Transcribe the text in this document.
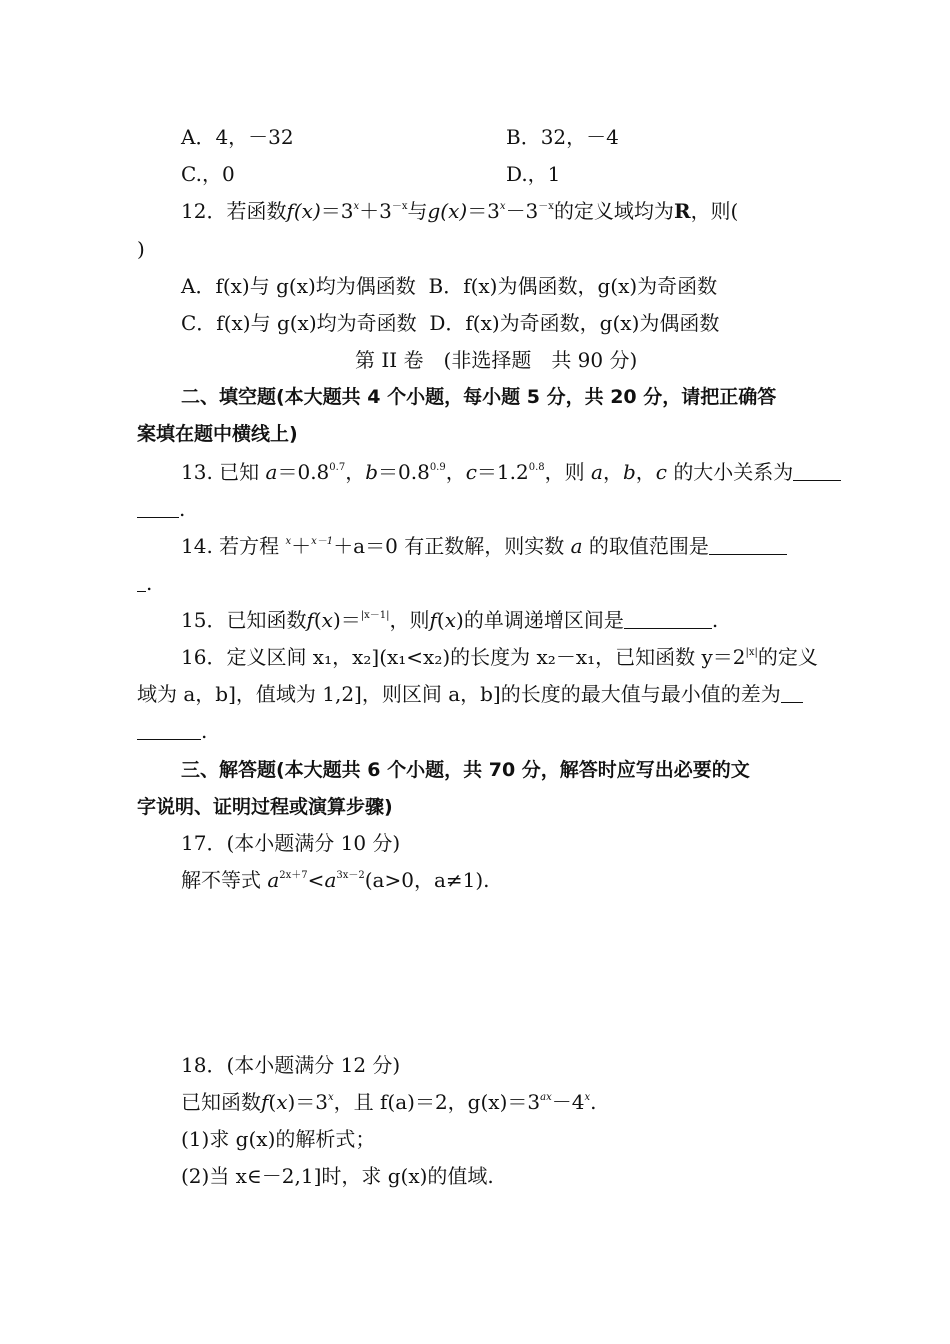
A．4，－32	B．32，－4
C.，0	D.，1
12．若函数$f(x)=3^x+3^{-x}$与$g(x)=3^x-3^{-x}$的定义域均为R，则(
)
A．f(x)与 g(x)均为偶函数 B．f(x)为偶函数，g(x)为奇函数
C．f(x)与 g(x)均为奇函数 D．f(x)为奇函数，g(x)为偶函数
第 II 卷　(非选择题　共 90 分)
二、填空题(本大题共 4 个小题，每小题 5 分，共 20 分，请把正确答
案填在题中横线上)
13. 已知 $a=0.8^{0.7}$，$b=0.8^{0.9}$，$c=1.2^{0.8}$，则 a，b，c 的大小关系为
.
14. 若方程 $^x$＋$^{x-1}$＋a＝0 有正数解，则实数 a 的取值范围是
.
15．已知函数f(x)＝$^{|x-1|}$，则f(x)的单调递增区间是	.
16．定义区间 x₁，x₂](x₁<x₂)的长度为 x₂－x₁，已知函数 $y=2^{|x|}$的定义
域为 a，b]，值域为 1,2]，则区间 a，b]的长度的最大值与最小值的差为
.
三、解答题(本大题共 6 个小题，共 70 分，解答时应写出必要的文
字说明、证明过程或演算步骤)
17．(本小题满分 10 分)
解不等式 $a^{2x+7}<a^{3x-2}(a>0$，a≠1).
18．(本小题满分 12 分)
已知函数$f(x)=3^x$，且 f(a)＝2，$g(x)=3^{ax}-4^x$.
(1)求 g(x)的解析式；
(2)当 x∈－2,1]时，求 g(x)的值域.
